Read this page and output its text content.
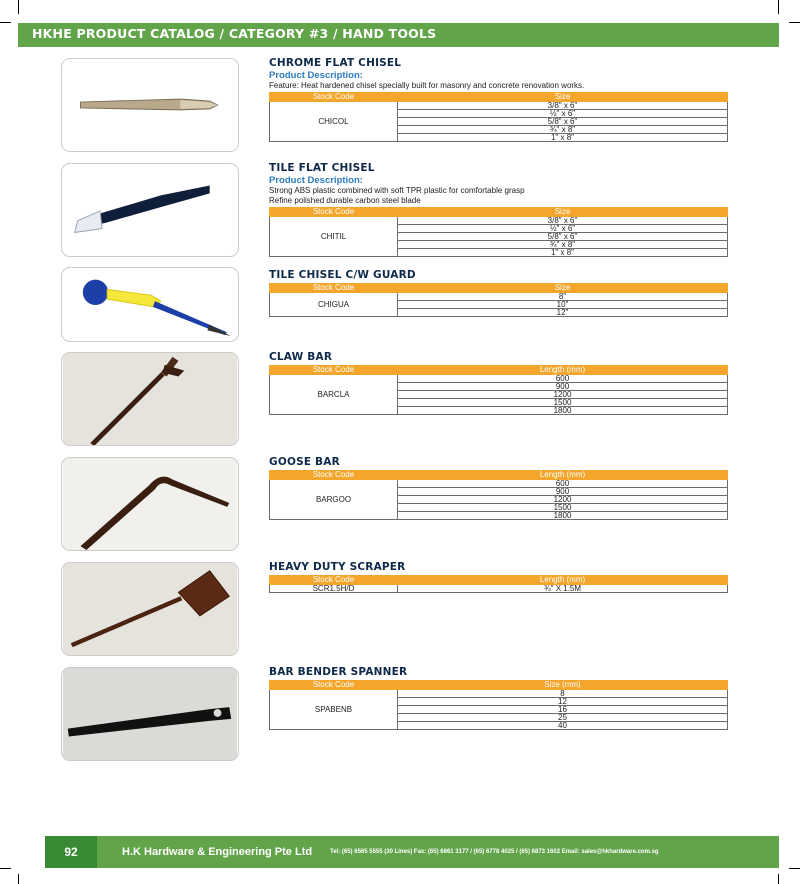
HKHE PRODUCT CATALOG / CATEGORY #3 / HAND TOOLS
CHROME FLAT CHISEL
Product Description:
Feature: Heat hardened chisel specially built for masonry and concrete renovation works.
Stock Code	Size
CHICOL	3/8" x 6"
	½" x 6"
	5/8" x 6"
	¾" x 8"
	1" x 8"
TILE FLAT CHISEL
Product Description:
Strong ABS plastic combined with soft TPR plastic for comfortable grasp
Refine polished durable carbon steel blade
Stock Code	Size
CHITIL	3/8" x 6"
	½" x 6"
	5/8" x 6"
	¾" x 8"
	1" x 8"
TILE CHISEL C/W GUARD
Stock Code	Size
CHIGUA	8"
	10"
	12"
CLAW BAR
Stock Code	Length (mm)
BARCLA	600
	900
	1200
	1500
	1800
GOOSE BAR
Stock Code	Length (mm)
BARGOO	600
	900
	1200
	1500
	1800
HEAVY DUTY SCRAPER
Stock Code	Length (mm)
SCR1.5H/D	¾" X 1.5M
BAR BENDER SPANNER
Stock Code	Size (mm)
SPABENB	8
	12
	16
	25
	40
92	H.K Hardware & Engineering Pte Ltd	Tel: (65) 6565 5555 (30 Lines) Fax: (65) 6861 3177 / (65) 6778 4025 / (65) 6873 1602 Email: sales@hkhardware.com.sg
